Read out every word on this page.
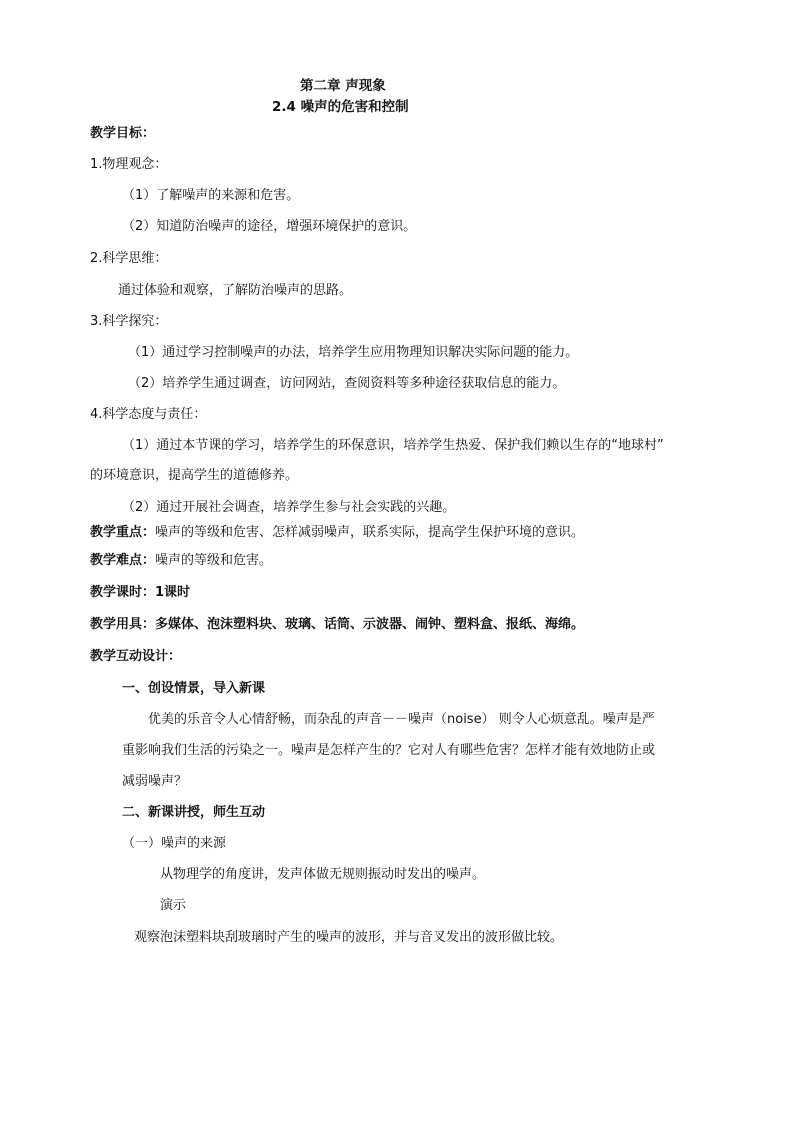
第二章 声现象
2.4 噪声的危害和控制
教学目标：
1.物理观念：
（1）了解噪声的来源和危害。
（2）知道防治噪声的途径，增强环境保护的意识。
2.科学思维：
通过体验和观察，了解防治噪声的思路。
3.科学探究：
（1）通过学习控制噪声的办法，培养学生应用物理知识解决实际问题的能力。
（2）培养学生通过调查，访问网站，查阅资料等多种途径获取信息的能力。
4.科学态度与责任：
（1）通过本节课的学习，培养学生的环保意识，培养学生热爱、保护我们赖以生存的“地球村”
的环境意识，提高学生的道德修养。
（2）通过开展社会调查，培养学生参与社会实践的兴趣。
教学重点：噪声的等级和危害、怎样减弱噪声，联系实际，提高学生保护环境的意识。
教学难点：噪声的等级和危害。
教学课时：1课时
教学用具：多媒体、泡沫塑料块、玻璃、话筒、示波器、闹钟、塑料盒、报纸、海绵。
教学互动设计：
一、创设情景，导入新课
优美的乐音令人心情舒畅，而杂乱的声音－－噪声（noise） 则令人心烦意乱。噪声是严
重影响我们生活的污染之一。噪声是怎样产生的？它对人有哪些危害？怎样才能有效地防止或
减弱噪声？
二、新课讲授，师生互动
（一）噪声的来源
从物理学的角度讲，发声体做无规则振动时发出的噪声。
演示
观察泡沫塑料块刮玻璃时产生的噪声的波形，并与音叉发出的波形做比较。
